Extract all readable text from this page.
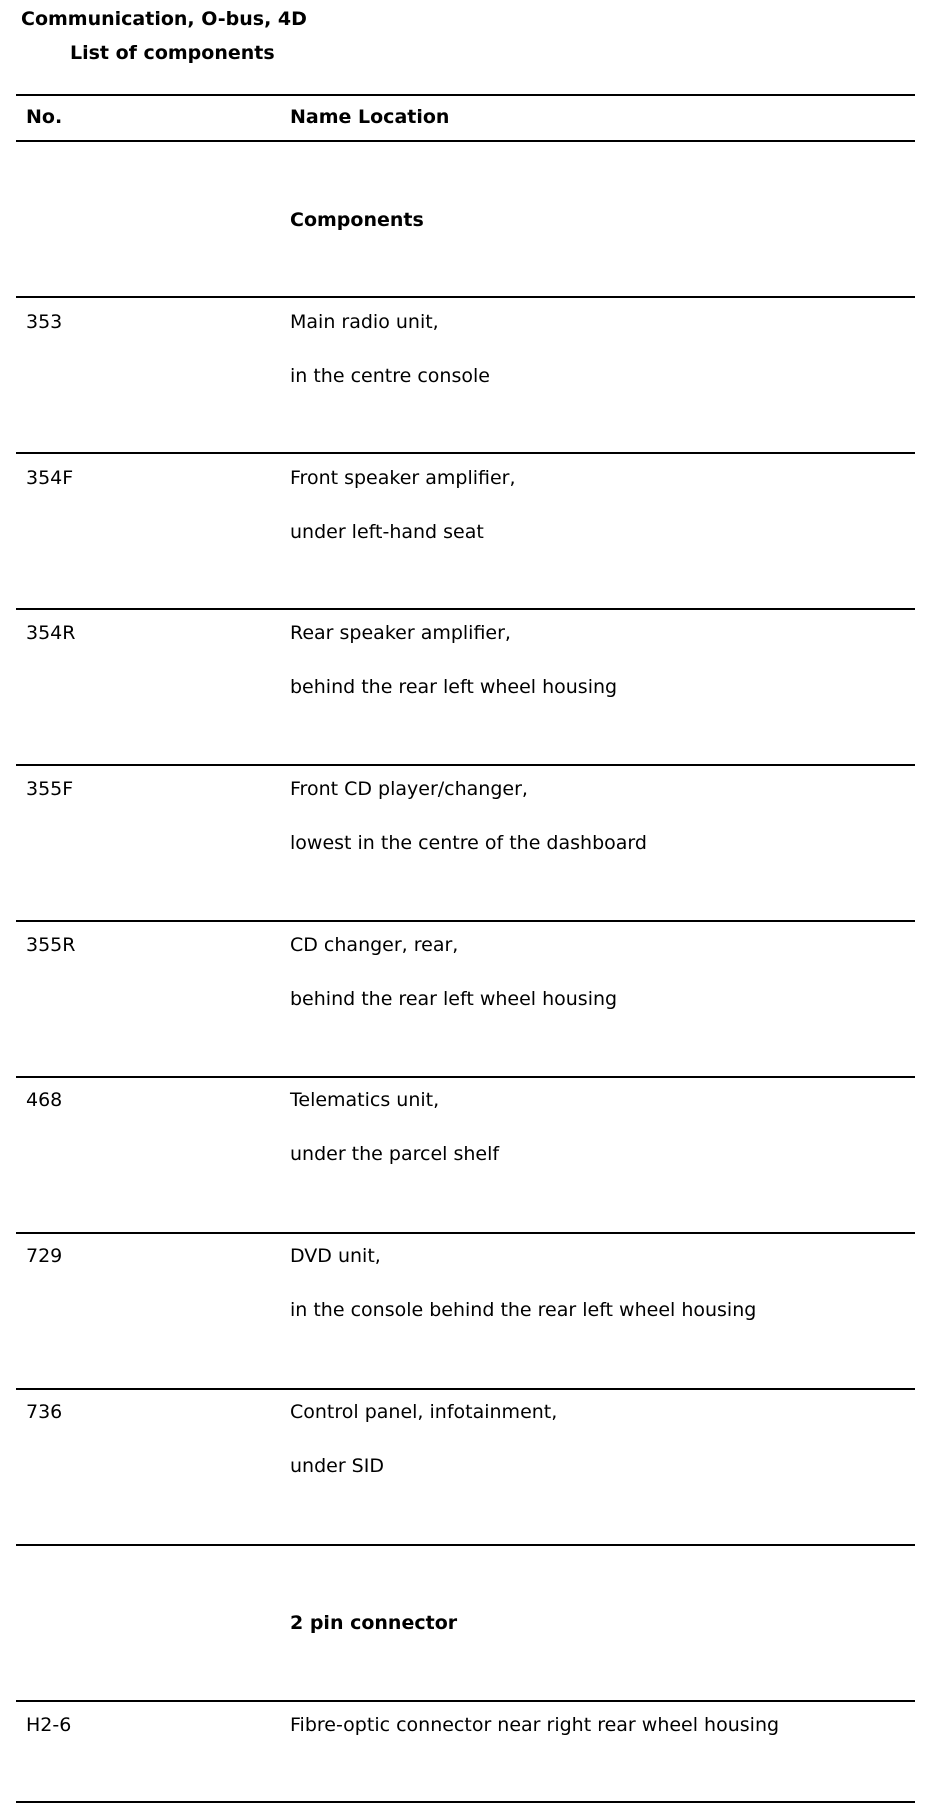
Communication, O-bus, 4D
List of components
No.	Name Location
Components
353	Main radio unit,
in the centre console
354F	Front speaker amplifier,
under left-hand seat
354R	Rear speaker amplifier,
behind the rear left wheel housing
355F	Front CD player/changer,
lowest in the centre of the dashboard
355R	CD changer, rear,
behind the rear left wheel housing
468	Telematics unit,
under the parcel shelf
729	DVD unit,
in the console behind the rear left wheel housing
736	Control panel, infotainment,
under SID
2 pin connector
H2-6	Fibre-optic connector near right rear wheel housing
